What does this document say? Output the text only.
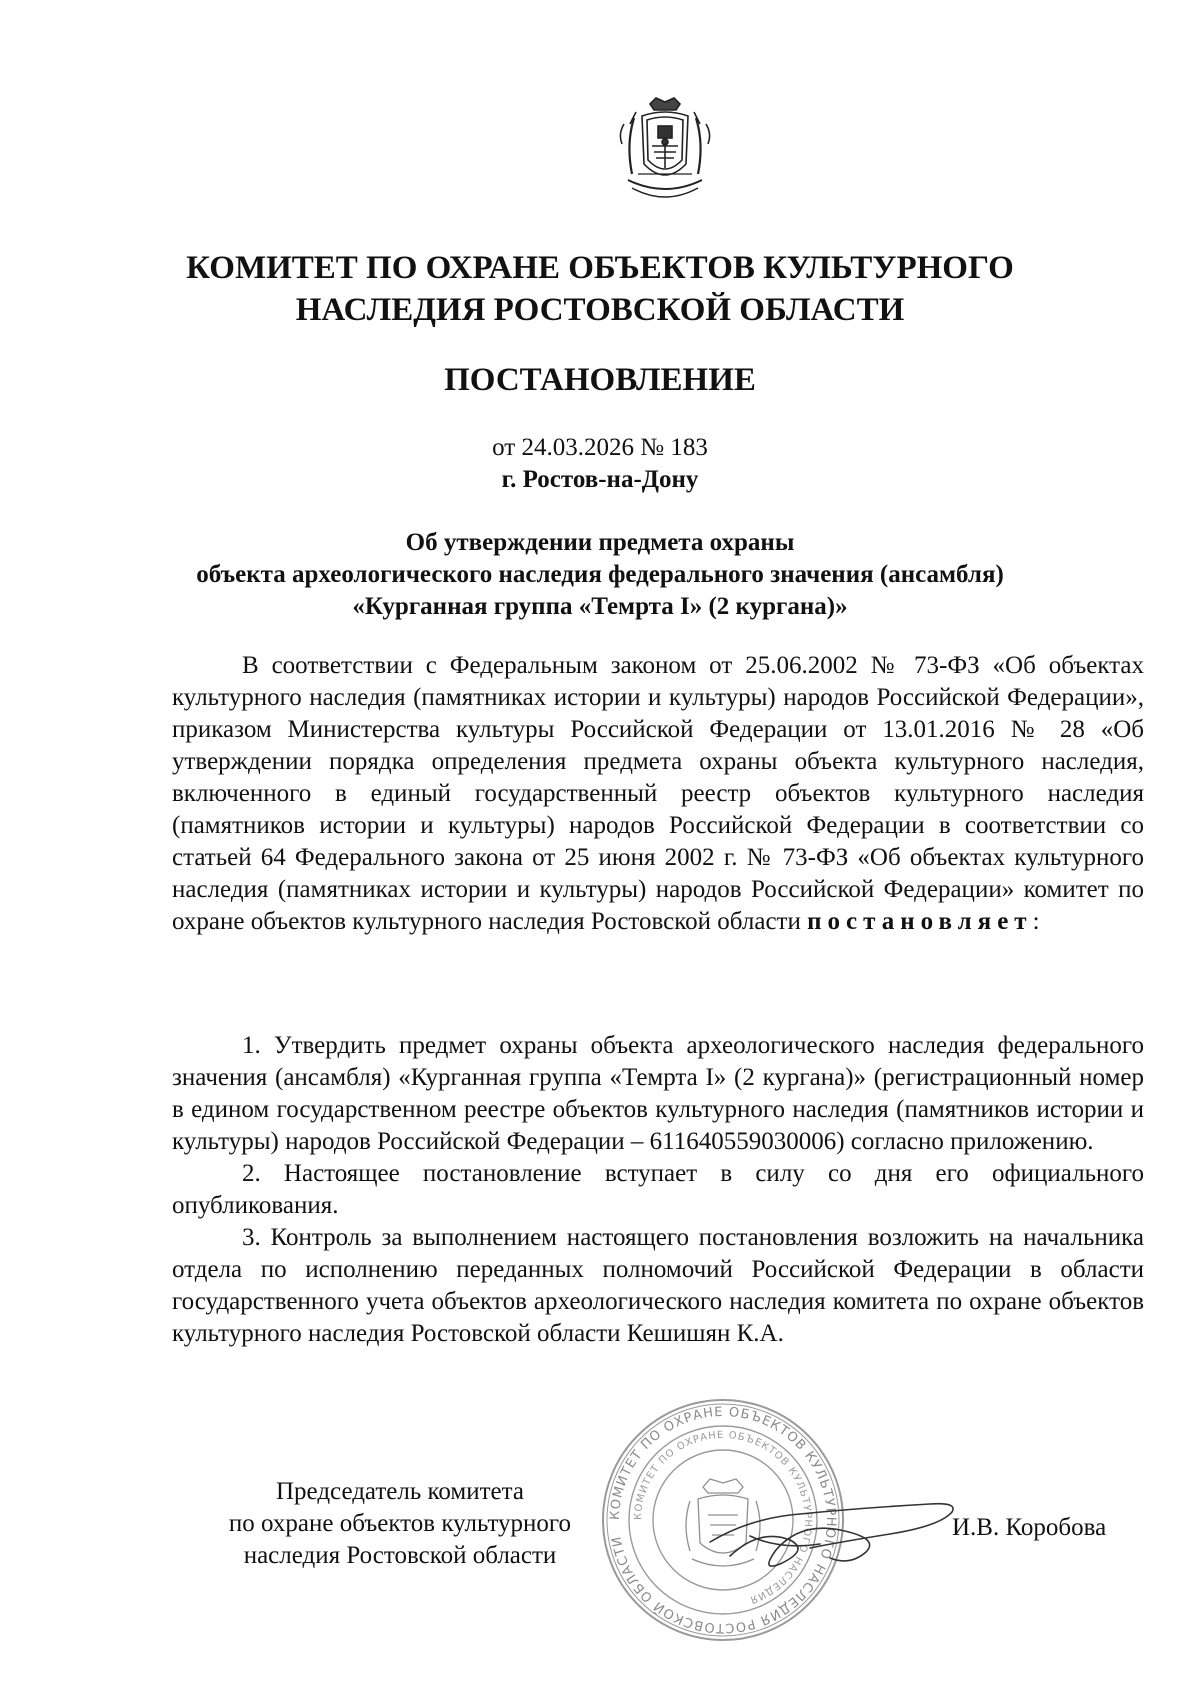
КОМИТЕТ ПО ОХРАНЕ ОБЪЕКТОВ КУЛЬТУРНОГО
НАСЛЕДИЯ РОСТОВСКОЙ ОБЛАСТИ
ПОСТАНОВЛЕНИЕ
от 24.03.2026 № 183
г. Ростов-на-Дону
Об утверждении предмета охраны
объекта археологического наследия федерального значения (ансамбля)
«Курганная группа «Темрта I» (2 кургана)»

В соответствии с Федеральным законом от 25.06.2002 № 73-ФЗ «Об объектах культурного наследия (памятниках истории и культуры) народов Российской Федерации», приказом Министерства культуры Российской Федерации от 13.01.2016 № 28 «Об утверждении порядка определения предмета охраны объекта культурного наследия, включенного в единый государственный реестр объектов культурного наследия (памятников истории и культуры) народов Российской Федерации в соответствии со статьей 64 Федерального закона от 25 июня 2002 г. № 73-ФЗ «Об объектах культурного наследия (памятниках истории и культуры) народов Российской Федерации» комитет по охране объектов культурного наследия Ростовской области постановляет:

1. Утвердить предмет охраны объекта археологического наследия федерального значения (ансамбля) «Курганная группа «Темрта I» (2 кургана)» (регистрационный номер в едином государственном реестре объектов культурного наследия (памятников истории и культуры) народов Российской Федерации – 611640559030006) согласно приложению.

2. Настоящее постановление вступает в силу со дня его официального опубликования.

3. Контроль за выполнением настоящего постановления возложить на начальника отдела по исполнению переданных полномочий Российской Федерации в области государственного учета объектов археологического наследия комитета по охране объектов культурного наследия Ростовской области Кешишян К.А.

Председатель комитета
по охране объектов культурного
наследия Ростовской области
КОМИТЕТ ПО ОХРАНЕ ОБЪЕКТОВ КУЛЬТУРНОГО НАСЛЕДИЯ РОСТОВСКОЙ ОБЛАСТИ
КОМИТЕТ ПО ОХРАНЕ ОБЪЕКТОВ КУЛЬТУРНОГО НАСЛЕДИЯ
И.В. Коробова
